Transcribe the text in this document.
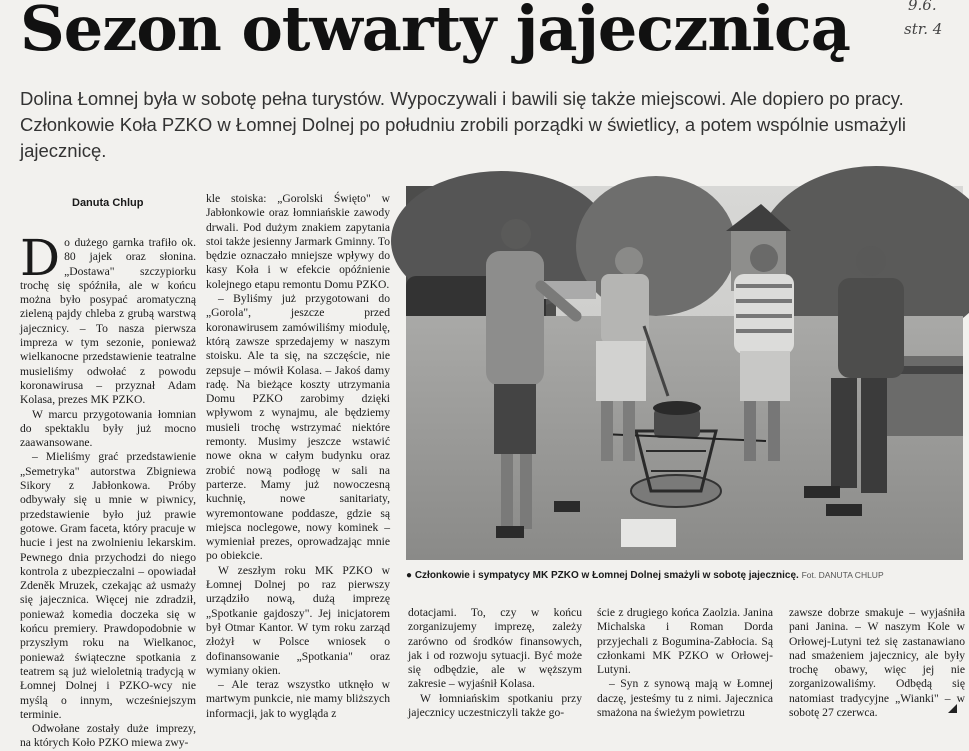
Sezon otwarty jajecznicą	9.6.
str. 4

Dolina Łomnej była w sobotę pełna turystów. Wypoczywali i bawili się także miejscowi. Ale dopiero po pracy. Członkowie Koła PZKO w Łomnej Dolnej po południu zrobili porządki w świetlicy, a potem wspólnie usmażyli jajecznicę.

Danuta Chlup

Do dużego garnka trafiło ok. 80 jajek oraz słonina. „Dostawa" szczypiorku trochę się spóźniła, ale w końcu można było posypać aromatyczną zieleną pajdy chleba z grubą warstwą jajecznicy. – To nasza pierwsza impreza w tym sezonie, ponieważ wielkanocne przedstawienie teatralne musieliśmy odwołać z powodu koronawirusa – przyznał Adam Kolasa, prezes MK PZKO.

W marcu przygotowania łomnian do spektaklu były już mocno zaawansowane.

– Mieliśmy grać przedstawienie „Semetryka" autorstwa Zbigniewa Sikory z Jabłonkowa. Próby odbywały się u mnie w piwnicy, przedstawienie było już prawie gotowe. Gram faceta, który pracuje w hucie i jest na zwolnieniu lekarskim. Pewnego dnia przychodzi do niego kontrola z ubezpieczalni – opowiadał Zdeněk Mruzek, czekając aż usmaży się jajecznica. Więcej nie zdradził, ponieważ komedia doczeka się w końcu premiery. Prawdopodobnie w przyszłym roku na Wielkanoc, ponieważ świąteczne spotkania z teatrem są już wieloletnią tradycją w Łomnej Dolnej i PZKO-wcy nie myślą o innym, wcześniejszym terminie.

Odwołane zostały duże imprezy, na których Koło PZKO miewa zwy-

kle stoiska: „Gorolski Święto" w Jabłonkowie oraz łomniańskie zawody drwali. Pod dużym znakiem zapytania stoi także jesienny Jarmark Gminny. To będzie oznaczało mniejsze wpływy do kasy Koła i w efekcie opóźnienie kolejnego etapu remontu Domu PZKO.

– Byliśmy już przygotowani do „Gorola", jeszcze przed koronawirusem zamówiliśmy miodulę, którą zawsze sprzedajemy w naszym stoisku. Ale ta się, na szczęście, nie zepsuje – mówił Kolasa. – Jakoś damy radę. Na bieżące koszty utrzymania Domu PZKO zarobimy dzięki wpływom z wynajmu, ale będziemy musieli trochę wstrzymać niektóre remonty. Musimy jeszcze wstawić nowe okna w całym budynku oraz zrobić nową podłogę w sali na parterze. Mamy już nowoczesną kuchnię, nowe sanitariaty, wyremontowane poddasze, gdzie są miejsca noclegowe, nowy kominek – wymieniał prezes, oprowadzając mnie po obiekcie.

W zeszłym roku MK PZKO w Łomnej Dolnej po raz pierwszy urządziło nową, dużą imprezę „Spotkanie gajdoszy". Jej inicjatorem był Otmar Kantor. W tym roku zarząd złożył w Polsce wniosek o dofinansowanie „Spotkania" oraz wymiany okien.

– Ale teraz wszystko utknęło w martwym punkcie, nie mamy bliższych informacji, jak to wygląda z

● Członkowie i sympatycy MK PZKO w Łomnej Dolnej smażyli w sobotę jajecznicę. Fot. DANUTA CHLUP

dotacjami. To, czy w końcu zorganizujemy imprezę, zależy zarówno od środków finansowych, jak i od rozwoju sytuacji. Być może się odbędzie, ale w węższym zakresie – wyjaśnił Kolasa.

W łomniańskim spotkaniu przy jajecznicy uczestniczyli także go-

ście z drugiego końca Zaolzia. Janina Michalska i Roman Dorda przyjechali z Bogumina-Zabłocia. Są członkami MK PZKO w Orłowej-Lutyni.

– Syn z synową mają w Łomnej daczę, jesteśmy tu z nimi. Jajecznica smażona na świeżym powietrzu

zawsze dobrze smakuje – wyjaśniła pani Janina. – W naszym Kole w Orłowej-Lutyni też się zastanawiano nad smażeniem jajecznicy, ale były trochę obawy, więc jej nie zorganizowaliśmy. Odbędą się natomiast tradycyjne „Wianki" – w sobotę 27 czerwca.
